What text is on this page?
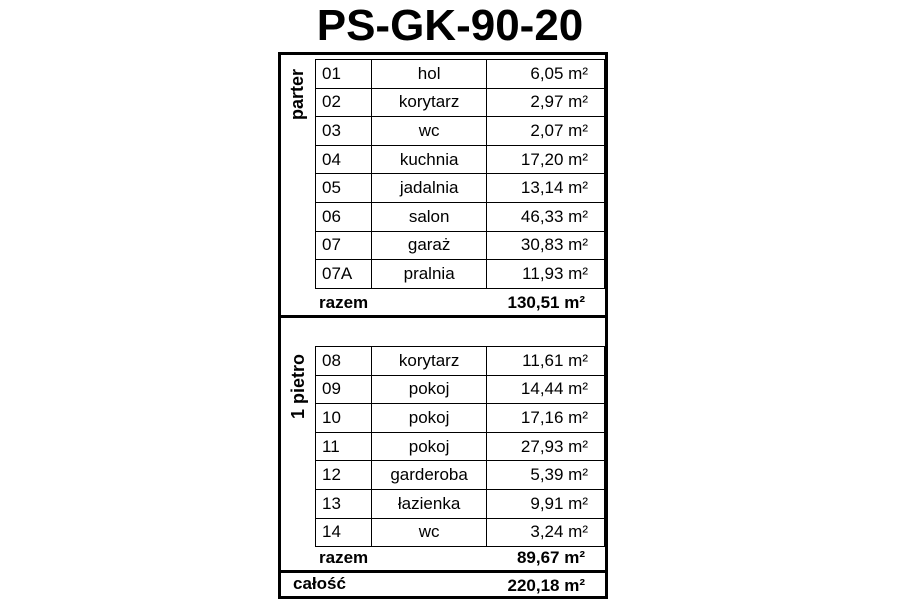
PS-GK-90-20
parter 01	hol	6,05 m²
02	korytarz	2,97 m²
03	wc	2,07 m²
04	kuchnia	17,20 m²
05	jadalnia	13,14 m²
06	salon	46,33 m²
07	garaż	30,83 m²
07A	pralnia	11,93 m²
razem	130,51 m²
1 pietro 08	korytarz	11,61 m²
09	pokoj	14,44 m²
10	pokoj	17,16 m²
11	pokoj	27,93 m²
12	garderoba	5,39 m²
13	łazienka	9,91 m²
14	wc	3,24 m²
razem	89,67 m²
całość	220,18 m²
